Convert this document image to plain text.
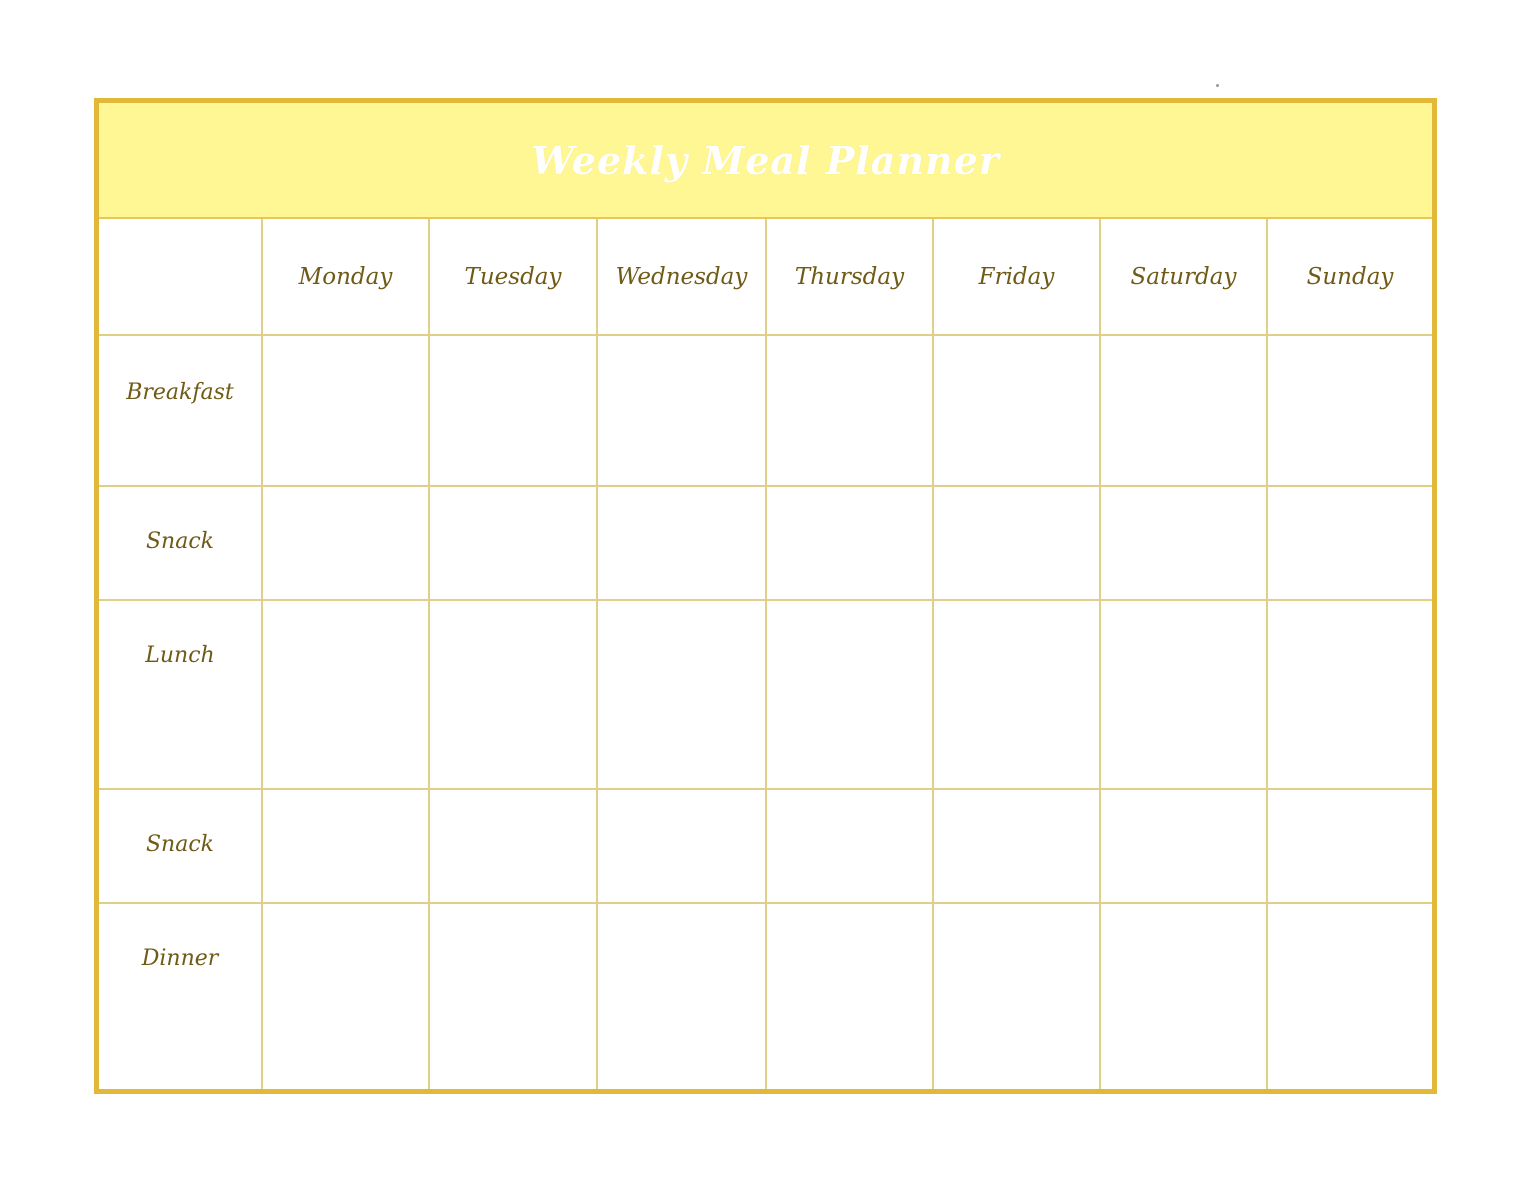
Weekly Meal Planner
	Monday	Tuesday	Wednesday	Thursday	Friday	Saturday	Sunday
Breakfast							
Snack							
Lunch							
Snack							
Dinner							
